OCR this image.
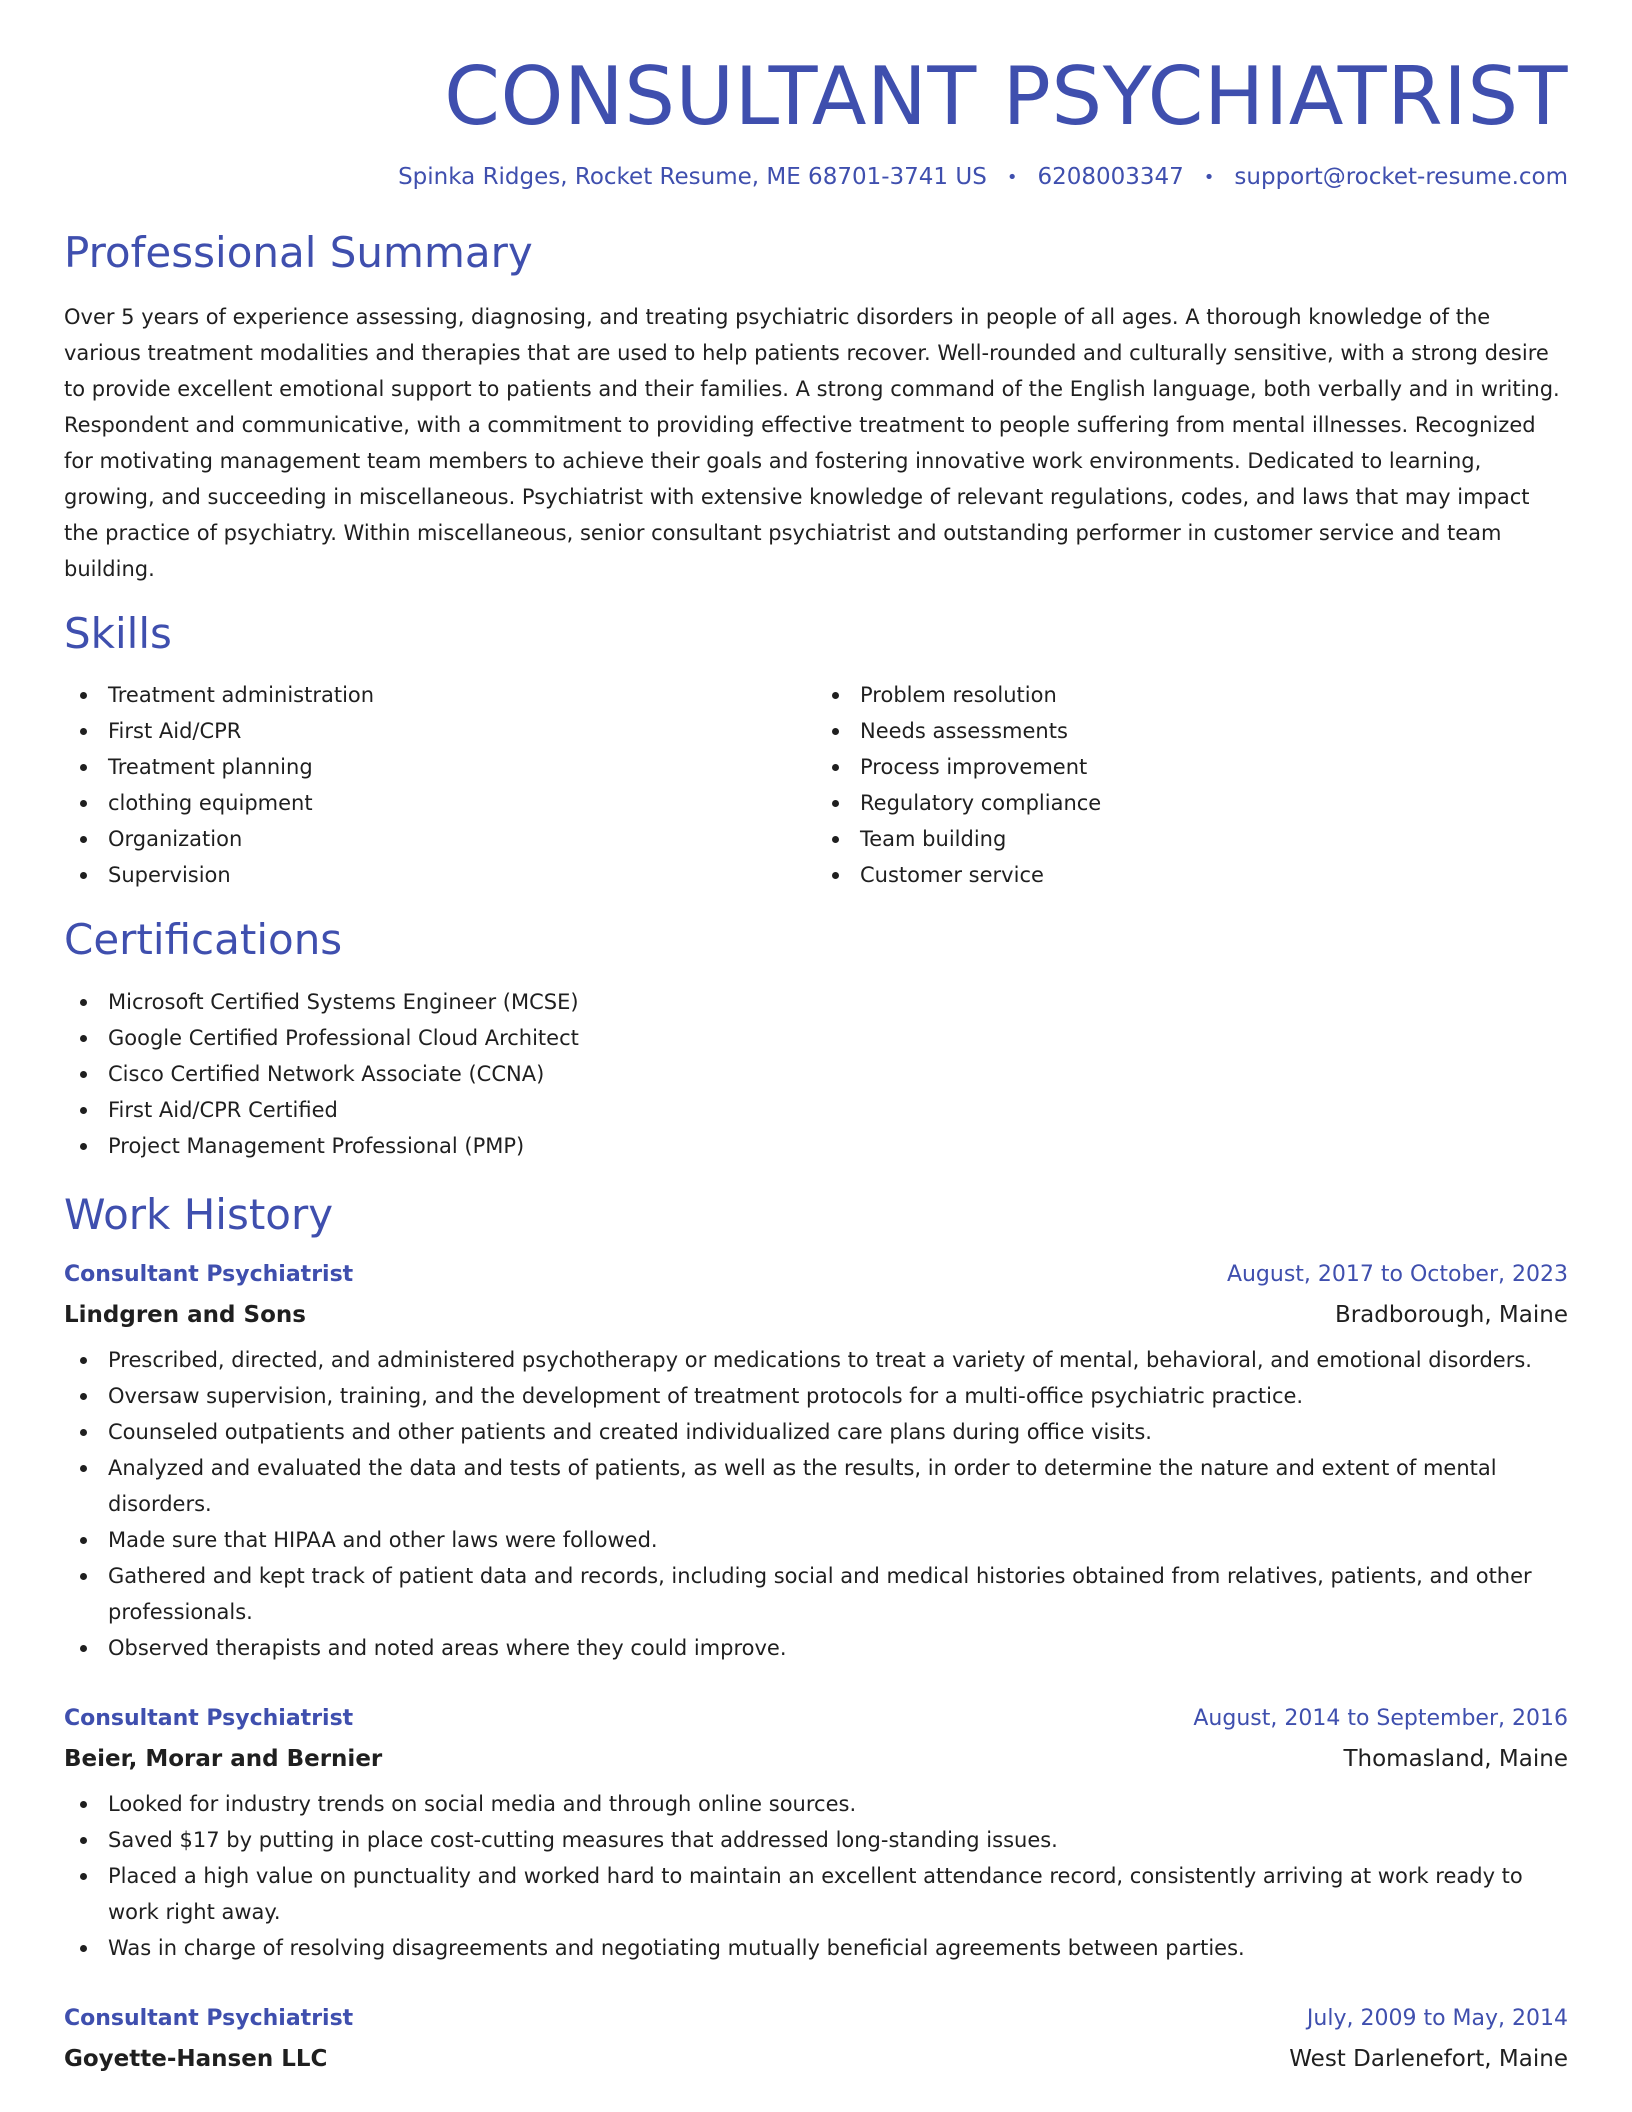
CONSULTANT PSYCHIATRIST
Spinka Ridges, Rocket Resume, ME 68701-3741 US • 6208003347 • support@rocket-resume.com
Professional Summary

Over 5 years of experience assessing, diagnosing, and treating psychiatric disorders in people of all ages. A thorough knowledge of the various treatment modalities and therapies that are used to help patients recover. Well-rounded and culturally sensitive, with a strong desire to provide excellent emotional support to patients and their families. A strong command of the English language, both verbally and in writing. Respondent and communicative, with a commitment to providing effective treatment to people suffering from mental illnesses. Recognized for motivating management team members to achieve their goals and fostering innovative work environments. Dedicated to learning, growing, and succeeding in miscellaneous. Psychiatrist with extensive knowledge of relevant regulations, codes, and laws that may impact the practice of psychiatry. Within miscellaneous, senior consultant psychiatrist and outstanding performer in customer service and team building.

Skills
Treatment administration
First Aid/CPR
Treatment planning
clothing equipment
Organization
Supervision
Problem resolution
Needs assessments
Process improvement
Regulatory compliance
Team building
Customer service
Certifications
Microsoft Certified Systems Engineer (MCSE)
Google Certified Professional Cloud Architect
Cisco Certified Network Associate (CCNA)
First Aid/CPR Certified
Project Management Professional (PMP)
Work History
Consultant Psychiatrist	August, 2017 to October, 2023
Lindgren and Sons	Bradborough, Maine
Prescribed, directed, and administered psychotherapy or medications to treat a variety of mental, behavioral, and emotional disorders.
Oversaw supervision, training, and the development of treatment protocols for a multi-office psychiatric practice.
Counseled outpatients and other patients and created individualized care plans during office visits.
Analyzed and evaluated the data and tests of patients, as well as the results, in order to determine the nature and extent of mental disorders.
Made sure that HIPAA and other laws were followed.
Gathered and kept track of patient data and records, including social and medical histories obtained from relatives, patients, and other professionals.
Observed therapists and noted areas where they could improve.
Consultant Psychiatrist	August, 2014 to September, 2016
Beier, Morar and Bernier	Thomasland, Maine
Looked for industry trends on social media and through online sources.
Saved $17 by putting in place cost-cutting measures that addressed long-standing issues.
Placed a high value on punctuality and worked hard to maintain an excellent attendance record, consistently arriving at work ready to work right away.
Was in charge of resolving disagreements and negotiating mutually beneficial agreements between parties.
Consultant Psychiatrist	July, 2009 to May, 2014
Goyette-Hansen LLC	West Darlenefort, Maine
